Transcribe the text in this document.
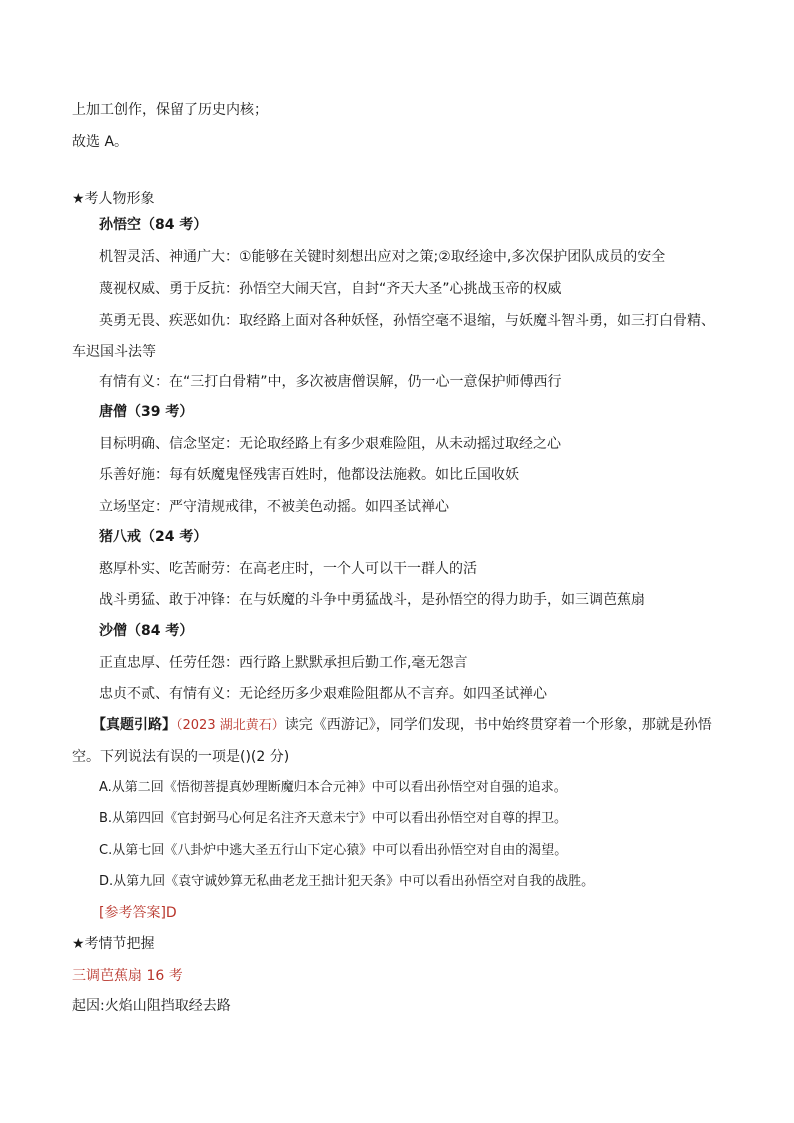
上加工创作，保留了历史内核；
故选 A。
★考人物形象
孙悟空（84 考）
机智灵活、神通广大：①能够在关键时刻想出应对之策;②取经途中,多次保护团队成员的安全
蔑视权威、勇于反抗：孙悟空大闹天宫，自封“齐天大圣”心挑战玉帝的权威
英勇无畏、疾恶如仇：取经路上面对各种妖怪，孙悟空毫不退缩，与妖魔斗智斗勇，如三打白骨精、
车迟国斗法等
有情有义：在“三打白骨精”中，多次被唐僧误解，仍一心一意保护师傅西行
唐僧（39 考）
目标明确、信念坚定：无论取经路上有多少艰难险阻，从未动摇过取经之心
乐善好施：每有妖魔鬼怪残害百姓时，他都设法施救。如比丘国收妖
立场坚定：严守清规戒律，不被美色动摇。如四圣试禅心
猪八戒（24 考）
憨厚朴实、吃苦耐劳：在高老庄时，一个人可以干一群人的活
战斗勇猛、敢于冲锋：在与妖魔的斗争中勇猛战斗，是孙悟空的得力助手，如三调芭蕉扇
沙僧（84 考）
正直忠厚、任劳任怨：西行路上默默承担后勤工作,毫无怨言
忠贞不贰、有情有义：无论经历多少艰难险阻都从不言弃。如四圣试禅心
【真题引路】（2023 湖北黄石）读完《西游记》，同学们发现，书中始终贯穿着一个形象，那就是孙悟
空。下列说法有误的一项是()(2 分)
A.从第二回《悟彻菩提真妙理断魔归本合元神》中可以看出孙悟空对自强的追求。
B.从第四回《官封弼马心何足名注齐天意未宁》中可以看出孙悟空对自尊的捍卫。
C.从第七回《八卦炉中逃大圣五行山下定心猿》中可以看出孙悟空对自由的渴望。
D.从第九回《袁守诚妙算无私曲老龙王拙计犯天条》中可以看出孙悟空对自我的战胜。
[参考答案]D
★考情节把握
三调芭蕉扇 16 考
起因:火焰山阻挡取经去路
